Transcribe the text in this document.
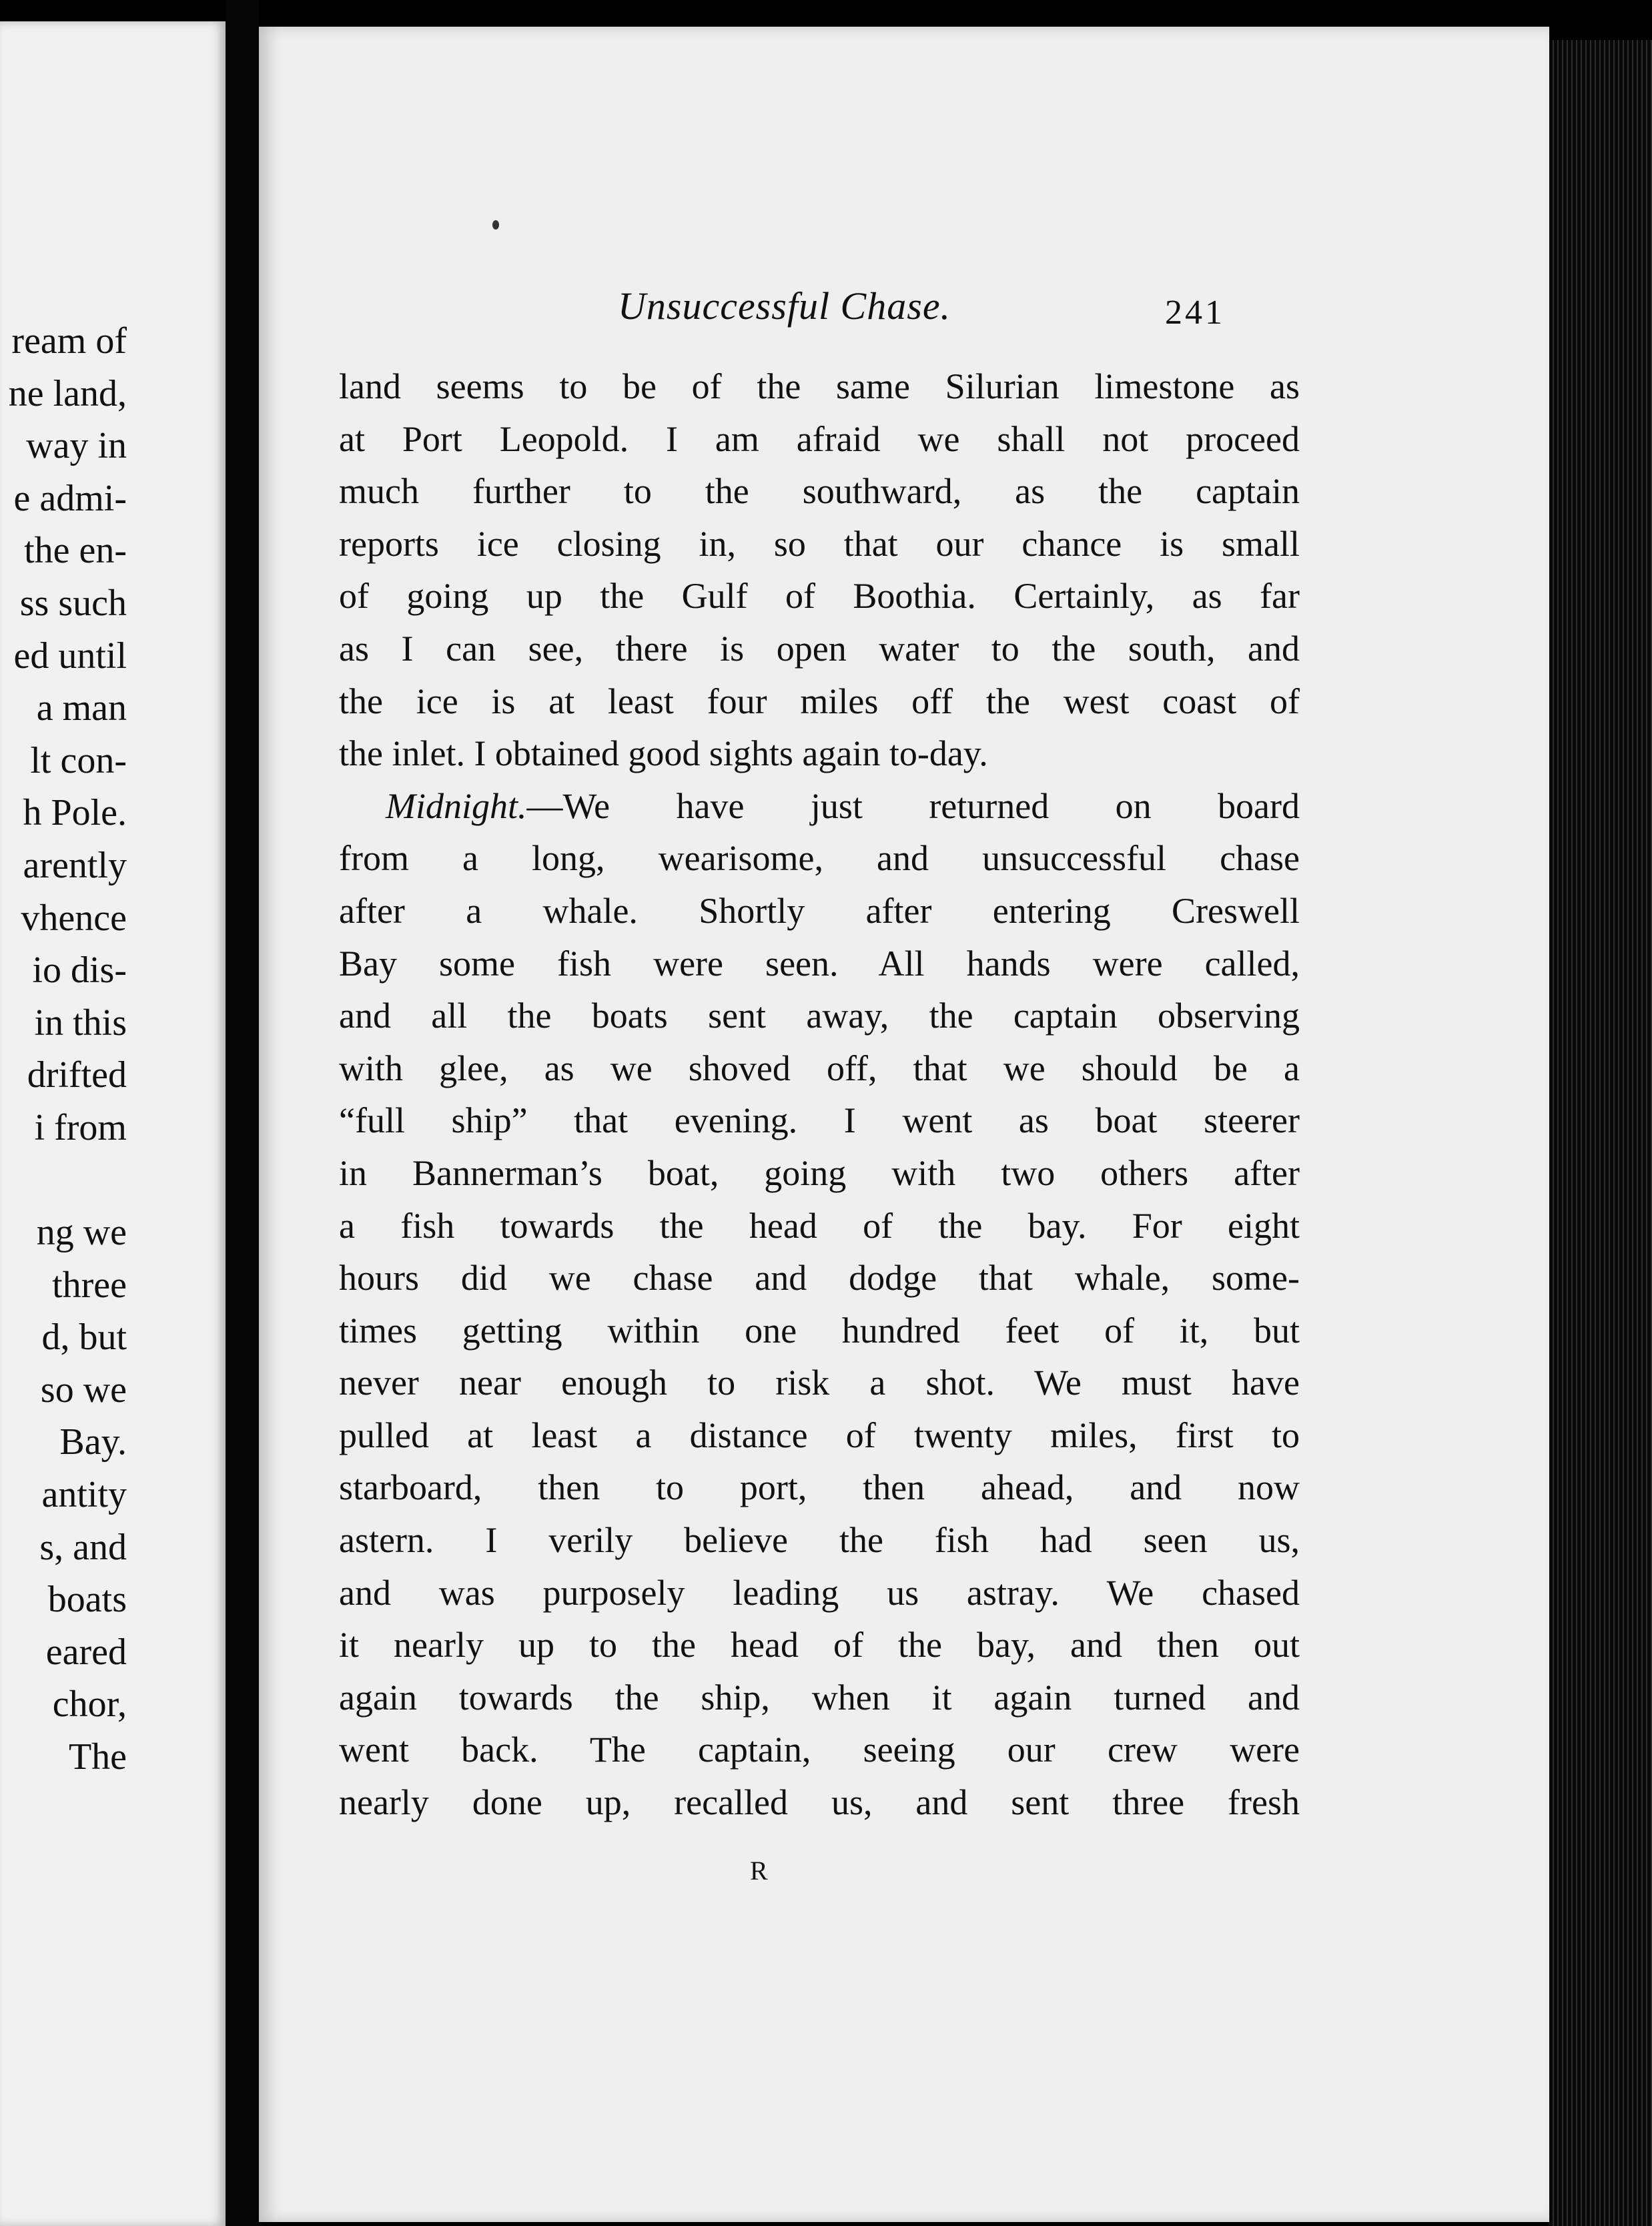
ream of
ne land,
way in
e admi-
the en-
ss such
ed until
a man
lt con-
h Pole.
arently
vhence
io dis-
in this
drifted
i from
ng we
three
d, but
so we
Bay.
antity
s, and
boats
eared
chor,
The
Unsuccessful Chase.	241
land seems to be of the same Silurian limestone as
at Port Leopold. I am afraid we shall not proceed
much further to the southward, as the captain
reports ice closing in, so that our chance is small
of going up the Gulf of Boothia. Certainly, as far
as I can see, there is open water to the south, and
the ice is at least four miles off the west coast of
the inlet. I obtained good sights again to-day.
Midnight.—We have just returned on board
from a long, wearisome, and unsuccessful chase
after a whale. Shortly after entering Creswell
Bay some fish were seen. All hands were called,
and all the boats sent away, the captain observing
with glee, as we shoved off, that we should be a
“full ship” that evening. I went as boat steerer
in Bannerman’s boat, going with two others after
a fish towards the head of the bay. For eight
hours did we chase and dodge that whale, some-
times getting within one hundred feet of it, but
never near enough to risk a shot. We must have
pulled at least a distance of twenty miles, first to
starboard, then to port, then ahead, and now
astern. I verily believe the fish had seen us,
and was purposely leading us astray. We chased
it nearly up to the head of the bay, and then out
again towards the ship, when it again turned and
went back. The captain, seeing our crew were
nearly done up, recalled us, and sent three fresh
R
